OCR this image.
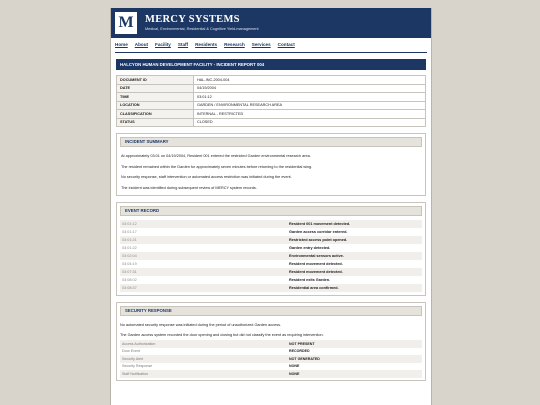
M	MERCY SYSTEMS
Medical, Environmental, Residential & Cognitive Yield-management
Home About Facility Staff Residents Research Services Contact
HALCYON HUMAN DEVELOPMENT FACILITY - INCIDENT REPORT 004
DOCUMENT ID	HAL-INC-2004-004
DATE	04/19/2004
TIME	03:01:12
LOCATION	GARDEN / ENVIRONMENTAL RESEARCH AREA
CLASSIFICATION	INTERNAL - RESTRICTED
STATUS	CLOSED
INCIDENT SUMMARY

At approximately 03:01 on 04/19/2004, Resident 001 entered the restricted Garden environmental research area.

The resident remained within the Garden for approximately seven minutes before returning to the residential wing.

No security response, staff intervention or automated access restriction was initiated during the event.

The incident was identified during subsequent review of MERCY system records.

EVENT RECORD
03:01:12	Resident 001 movement detected.
03:01:17	Garden access corridor entered.
03:01:21	Restricted access point opened.
03:01:22	Garden entry detected.
03:02:04	Environmental sensors active.
03:04:19	Resident movement detected.
03:07:31	Resident movement detected.
03:08:02	Resident exits Garden.
03:08:37	Residential area confirmed.
SECURITY RESPONSE

No automated security response was initiated during the period of unauthorized Garden access.

The Garden access system recorded the door opening and closing but did not classify the event as requiring intervention.

Access Authorization	NOT PRESENT
Door Event	RECORDED
Security Alert	NOT GENERATED
Security Response	NONE
Staff Notification	NONE
